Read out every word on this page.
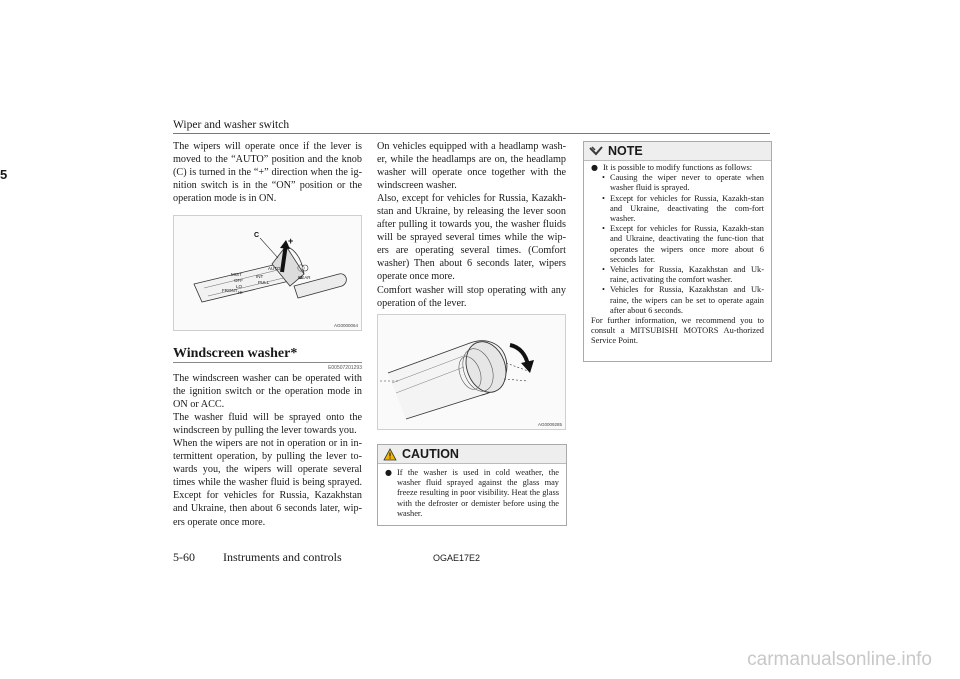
Wiper and washer switch
5

The wipers will operate once if the lever is moved to the “AUTO” position and the knob (C) is turned in the “+” direction when the ig-nition switch is in the “ON” position or the operation mode is in ON.

C
+
FRONT
MIST
OFF
LO
HI
INT
PULL
AUTO
REAR
AG0000064
Windscreen washer*
E00507201293

The windscreen washer can be operated with the ignition switch or the operation mode in ON or ACC.
The washer fluid will be sprayed onto the windscreen by pulling the lever towards you.
When the wipers are not in operation or in in-termittent operation, by pulling the lever to-wards you, the wipers will operate several times while the washer fluid is being sprayed. Except for vehicles for Russia, Kazakhstan and Ukraine, then about 6 seconds later, wip-ers operate once more.

On vehicles equipped with a headlamp wash-er, while the headlamps are on, the headlamp washer will operate once together with the windscreen washer.
Also, except for vehicles for Russia, Kazakh-stan and Ukraine, by releasing the lever soon after pulling it towards you, the washer fluids will be sprayed several times while the wip-ers are operating several times. (Comfort washer) Then about 6 seconds later, wipers operate once more.
Comfort washer will stop operating with any operation of the lever.

AG0009285
CAUTION
● If the washer is used in cold weather, the washer fluid sprayed against the glass may freeze resulting in poor visibility. Heat the glass with the defroster or demister before using the washer.
NOTE
● It is possible to modify functions as follows:
• Causing the wiper never to operate when washer fluid is sprayed.
• Except for vehicles for Russia, Kazakh-stan and Ukraine, deactivating the com-fort washer.
• Except for vehicles for Russia, Kazakh-stan and Ukraine, deactivating the func-tion that operates the wipers once more about 6 seconds later.
• Vehicles for Russia, Kazakhstan and Uk-raine, activating the comfort washer.
• Vehicles for Russia, Kazakhstan and Uk-raine, the wipers can be set to operate again after about 6 seconds.
For further information, we recommend you to consult a MITSUBISHI MOTORS Au-thorized Service Point.
5-60 Instruments and controls	OGAE17E2
carmanualsonline.info
